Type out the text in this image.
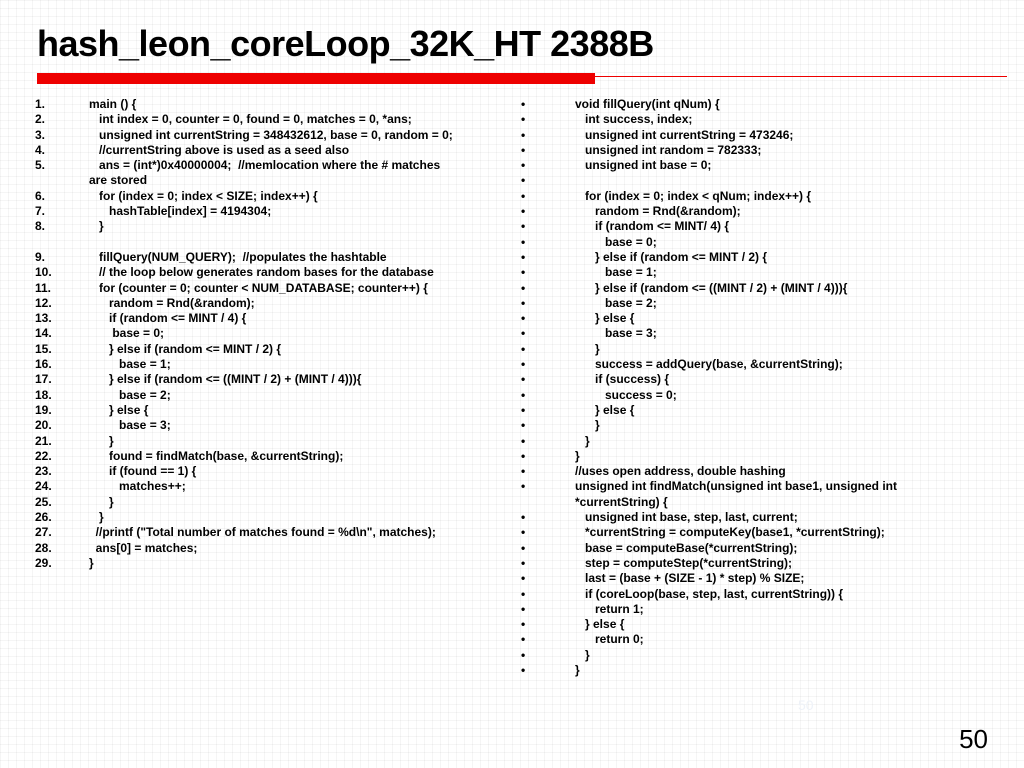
hash_leon_coreLoop_32K_HT 2388B
1.	main () {
2.	int index = 0, counter = 0, found = 0, matches = 0, *ans;
3.	unsigned int currentString = 348432612, base = 0, random = 0;
4.	//currentString above is used as a seed also
5.	ans = (int*)0x40000004;  //memlocation where the # matches
are stored
6.	for (index = 0; index < SIZE; index++) {
7.	hashTable[index] = 4194304;
8.	}
9.	fillQuery(NUM_QUERY);  //populates the hashtable
10.	// the loop below generates random bases for the database
11.	for (counter = 0; counter < NUM_DATABASE; counter++) {
12.	random = Rnd(&random);
13.	if (random <= MINT / 4) {
14.	base = 0;
15.	} else if (random <= MINT / 2) {
16.	base = 1;
17.	} else if (random <= ((MINT / 2) + (MINT / 4))){
18.	base = 2;
19.	} else {
20.	base = 3;
21.	}
22.	found = findMatch(base, &currentString);
23.	if (found == 1) {
24.	matches++;
25.	}
26.	}
27.	//printf ("Total number of matches found = %d\n", matches);
28.	ans[0] = matches;
29.	}
•	void fillQuery(int qNum) {
•	int success, index;
•	unsigned int currentString = 473246;
•	unsigned int random = 782333;
•	unsigned int base = 0;
•
•	for (index = 0; index < qNum; index++) {
•	random = Rnd(&random);
•	if (random <= MINT/ 4) {
•	base = 0;
•	} else if (random <= MINT / 2) {
•	base = 1;
•	} else if (random <= ((MINT / 2) + (MINT / 4))){
•	base = 2;
•	} else {
•	base = 3;
•	}
•	success = addQuery(base, &currentString);
•	if (success) {
•	success = 0;
•	} else {
•	}
•	}
•	}
•	//uses open address, double hashing
•	unsigned int findMatch(unsigned int base1, unsigned int
*currentString) {
•	unsigned int base, step, last, current;
•	*currentString = computeKey(base1, *currentString);
•	base = computeBase(*currentString);
•	step = computeStep(*currentString);
•	last = (base + (SIZE - 1) * step) % SIZE;
•	if (coreLoop(base, step, last, currentString)) {
•	return 1;
•	} else {
•	return 0;
•	}
•	}
50
50
